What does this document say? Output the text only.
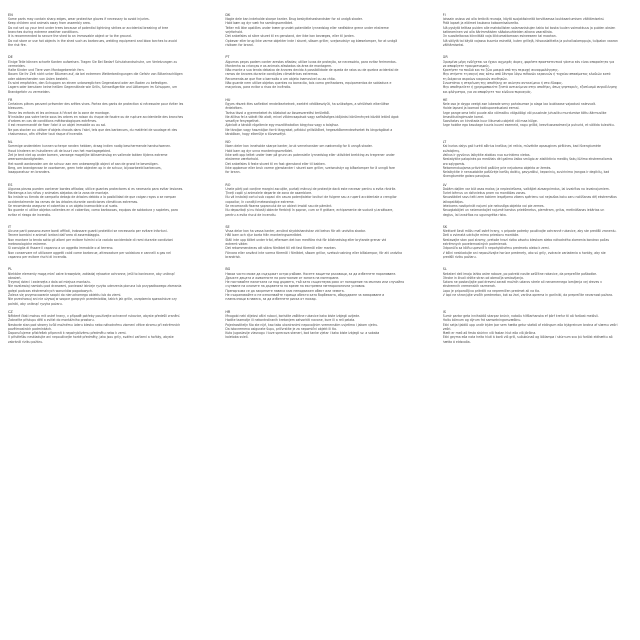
EN
Some parts may contain sharp edges, wear protective gloves if necessary to avoid injuries.
Keep children and animals away from assembly area.
Do not set up your tent under trees because of potential lightning strikes or accidental breaking of tree
branches during extreme weather conditions.
It is recommended to secure the shed to an immovable object or to the ground.
Do not store or use hot objects in the shed such as barbecues, welding equipment and blow torches to avoid
the risk fire.
DE
Einige Teile können scharfe Kanten aufweisen. Tragen Sie Bei Bedarf Schutzhandschuhe, um Verletzungen zu
vermeiden.
Halte Kinder und Tiere vom Montagebereich fern.
Bauen Sie Ihr Zelt nicht unter Bäumen auf, da bei extremen Wetterbedingungen die Gefahr von Blitzeinschlägen
oder abbrechenden von Ästen besteht.
Es wird empfohlen, den Schuppen an einem unbeweglichen Gegenstand oder am Boden zu befestigen.
Lagern oder benutzen keine heißen Gegenstände wie Grills, Schweißgeräte und Lötlampen im Schuppen, um
Brandgefahr zu vermeiden.
FR
Certaines pièces peuvent présenter des arêtes vives. Portez des gants de protection si nécessaire pour éviter les
blessures.
Tenez les enfants et les animaux à l'écart de la zone de montage.
N'installez pas votre tente sous les arbres en raison du risque de foudre ou de rupture accidentelle des branches
d'arbres en cas de conditions météorologiques extrêmes.
Il est recommandé de fixer l'abri à un objet immobile ou au sol.
Ne pas stocker ou utiliser d'objets chauds dans l'abri, tels que des barbecues, du matériel de soudage et des
chalumeaux, afin d'éviter tout risque d'incendie.
NL
Sommige onderdelen kunnen scherpe randen hebben, draag indien nodig beschermende handschoenen.
Houd kinderen en huisdieren uit de buurt van het montagegebied.
Zet je tent niet op onder bomen, vanwege mogelijke blikseminslag en vallende takken tijdens extreme
weersomstandigheden.
Het wordt aanbevolen om de schuur aan een onbeweeglijk object of aan de grond te bevestigen.
Berg, om brandgevaar te voorkomen, geen hete objecten op in de schuur, bijvoorbeeld barbecues,
lasapparatuur en branders.
ES
Algunas piezas pueden contener bordes afilados; utilice guantes protectores si es necesario para evitar lesiones.
Mantenga a los niños y animales alejados de la zona de montaje.
No instale su tienda de campaña debajo de árboles debido a la posibilidad de que caigan rayos o se rompan
accidentalmente las ramas de los árboles durante condiciones climáticas extremas.
Se recomienda asegurar el cobertizo a un objeto inamovible o al suelo.
No guarde ni utilice objetos calientes en el cobertizo, como barbacoas, equipos de soldadura y sopletes, para
evitar el riesgo de incendio.
IT
Alcune parti possono avere bordi affilati, indossare guanti protettivi se necessario per evitare infortuni.
Tenere bambini e animali lontani dall'area di assemblaggio.
Non montare la tenda sotto gli alberi per evitare fulmini o la caduta accidentale di rami durante condizioni
meteorologiche estreme.
Si consiglia di fissare il capanno a un oggetto immobile o al terreno.
Non conservare né utilizzare oggetti caldi come barbecue, attrezzature per saldatura e cannelli a gas nel
capanno per evitare rischi di incendio.
PL
Niektóre elementy mogą mieć ostre krawędzie, zakładaj rękawice ochronne, jeśli to konieczne, aby uniknąć
obrażeń.
Trzymaj dzieci i zwierzęta z dala od miejsca montażu.
Nie rozstawiaj namiotu pod drzewami, ponieważ istnieje ryzyko uderzenia pioruna lub przypadkowego złamania
gałęzi podczas ekstremalnych warunków pogodowych.
Zaleca się przymocowanie szopki do nieruchomego obiektu lub do ziemi.
Nie przechowuj ani nie używaj w szopce gorących przedmiotów, takich jak grille, urządzenia spawalnicze czy
palniki, aby uniknąć ryzyka pożaru.
CZ
Některé části mohou mít ostré hrany, v případě potřeby používejte ochranné rukavice, abyste předešli zranění.
Zabraňte přístupu dětí a zvířat do montážního prostoru.
Nestavte stan pod stromy kvůli možnému úderu blesku nebo náhodnému zlomení větve stromu při extrémních
povětrnostních podmínkách.
Doporučujeme přístřešek připevnit k nepohyblivému předmětu nebo k zemi.
V přístřešku neskladujte ani nepoužívejte horké předměty, jako jsou grily, svářecí zařízení a hořáky, abyste
zabránili riziku požáru.
DK
Nogle dele kan indeholde skarpe kanter. Brug beskyttelseshandsker for at undgå skader.
Hold børn og dyr væk fra samlingsområdet.
Telter må ikke opstilles under træer grundet potentielle lynnedslag eller nedfaldne grene under ekstreme
vejrforhold.
Det anbefales at sikre skuret til en genstand, der ikke kan bevæges, eller til jorden.
Opbevar eller brug ikke varme objekter inde i skuret, såsom griller, svejseudstyr og blæselamper, for at undgå
risikoen for brand.
PT
Algumas peças podem conter arestas afiadas; utilize luvas de proteção, se necessário, para evitar ferimentos.
Mantenha as crianças e os animais afastados da área de montagem.
Não monte a sua tenda debaixo de árvores devido à possibilidade de queda de raios ou de quebra acidental de
ramos de árvores durante condições climatéricas extremas.
Recomenda-se que fixe o barracão a um objeto inamovível ou ao chão.
Não guarde nem utilize objetos quentes no barracão, tais como grelhadores, equipamentos de soldadura e
maçaricos, para evitar o risco de incêndio.
HU
Egyes részek éles szélekkel rendelkezhetnek, ezekért védőkesztyűt, ha szükséges, a sérülések elkerülése
érdekében.
Tartsa távol a gyermekeket és állatokat az összeszerelési területtől.
Ne állítsa fel a sátrát fák alatt, mivel villámcsapások vagy szélsőséges időjárási körülmények között letörő ágak
veszélye fenyegethet.
Ajánlott a tárolót rögzítenie egy mozdíthatatlan tárgyhoz vagy a talajhoz.
Ne tároljon vagy használjon forró tárgyakat, például grillsütőket, hegesztőberendezéseket és lángvágókat a
tárolóban, hogy elkerülje a tűzveszélyt.
NO
Noen deler kan inneholde skarpe kanter, bruk vernehansker om nødvendig for å unngå skader.
Hold barn og dyr unna monteringsområdet.
Ikke sett opp teltet under trær på grunn av potensielle lynnedslag eller utilsiktet brekking av tregrener under
ekstreme værforhold.
Det anbefales å feste skuret til en fast gjenstand eller til bakken.
Ikke oppbevar eller bruk varme gjenstander i skuret som griller, sveiseutstyr og blåselamper for å unngå fare
for brann.
RO
Unele părți pot conține margini ascuțite, purtați mănuși de protecție dacă este necesar pentru a evita rănirile.
Țineți copiii și animalele departe de zona de asamblare.
Nu vă instalați cortul sub copaci din cauza potențialelor lovituri de fulgere sau a ruperii accidentale a crengilor
copacilor, în condiții meteorologice extreme.
Se recomandă fixarea șopronului de un obiect imobil sau de pământ.
Nu depozitați și nu folosiți obiecte fierbinți în șopron, cum ar fi grătare, echipamente de sudură și arzătoare,
pentru a evita riscul de incendiu.
SE
Vissa delar kan ha vassa kanter, använd skyddshandskar vid behov för att undvika skador.
Håll barn och djur borta från monteringsområdet.
Ställ inte upp tältet under träd, eftersom det kan medföra risk för blixtnedslag eller brytande grenar vid
extremt väder.
Det rekommenderas att säkra förrådet till ett fast föremål eller marken.
Förvara eller använd inte varma föremål i förrådet, såsom grillar, svetsutrustning eller blåslampor, för att undvika
brandrisk.
BG
Някои части може да съдържат остри ръбове. Носете защитни ръкавици, за да избегнете нараняване.
Дръжте децата и животните на разстояние от зоната на монтиране.
Не поставяйте палатката си под дървета, тъй като съществува риск от попадение на мълния или случайно
счупване на клоните на дърветата по време на екстремни метеорологични условия.
Препоръчва се да закрепите навеса към неподвижен обект или земята.
Не съхранявайте и не използвайте горещи обекти като барбекюта, оборудване за заваряване и
пламъчници в навеса, за да избегнете риска от пожар.
HR
Mnogobi neki dijelovi oštri rubovi, koristite zaštitne rukavice kako biste izbjegli ozljede.
Hodite tazmotje ili nekontroliranih kretanjem zatvorkiti navone, kure ili a reli pelata.
Pojednostiteljn što ste nijé, kao tako ukoniranimi nepovoljnim vremenskim uvjetima i jakom vjetru.
Da istovremeno osigurate šupu, pričvrstite je za nepomični objekt ili tlo.
Kuto Jugoslavije vlasnogu i tuve sprecava skeneri, kod tanke vjetar i kako biste izbjegli sv. a sobaka
koletoba svieli.
FI
Joissain osissa voi olla teräviä reunoja, käytä suojakäsineitä tarvittaessa loukkaantumisen välttämiseksi.
Pidä lapset ja eläimet kaukana kokoamisalueelta.
Älä pystytä telttaa puiden alle mahdollisten salamaniskujen takia tai koska tuulen voimakkuus ja puiden oksien
katkeaminen voi olla äärimmäisten sääolosuhteiden aikana vaarallista.
On suositeltavaa kiinnittää vaja liikkumattomaan esineeseen tai maahan.
Älä säilytä tai käytä vajassa kuumia esineitä, kuten grillejä, hitsauslaitteita ja puhalluslamppuja, tulipalon vaaran
välttämiseksi.
GR
Ορισμένα μέρη ενδέχεται να έχουν αιχμηρές άκρες, φορέστε προστατευτικά γάντια εάν είναι απαραίτητο για
να αποφύγετε τραυματισμούς.
Κρατήστε τα παιδιά και τα ζώα μακριά από την περιοχή συναρμολόγησης.
Μην στήνετε τη σκηνή σας κάτω από δέντρα λόγω πιθανών κεραυνών ή τυχαίου σπασίματος κλαδιών κατά
τη διάρκεια ακραίων καιρικών συνθηκών.
Συνιστάται η στερέωση της αποθήκης σε ακίνητο αντικείμενο ή στο έδαφος.
Μην αποθηκεύετε ή χρησιμοποιείτε ζεστά αντικείμενα στην αποθήκη, όπως ψησταριές, εξοπλισμό συγκόλλησης
και φλόγιστρα, για να αποφύγετε τον κίνδυνο πυρκαγιάς.
HE
Nele osa je dzyga veelgt ase lubeade servy pahdaumse ja alaga laa loukkaase vajaatust nalevvalt.
Hoide lapsed ja loomad kokkupanekualast eemal.
Ärge pange oma telki puude alla võimaliku välgulöögi või puuokste juhusliku murdumise tõttu äärmuslike
ilmastikutingimuste korral.
Soovitatav on kinnitada kuur liikumatu objekti või maa külge.
Ärge hoidke ega kasutage kuuris kuumi esemeid, nagu grillid, keevitusseadmed ja puhurid, et vältida tuleohtu.
LT
Kai kurios dalys gali turėti aštrius kraštus; jei reikia, mūvėkite apsaugines pirštines, kad išvengtumėte
sužalojimų.
Vaikus ir gyvūnus laikykite atokiau nuo surinkimo vietos.
Nestatykite palapinės po medžiais dėl galimo žaibo smūgio ar atsitiktinio medžių šakų lūžimo ekstremaliomis
oro sąlygomis.
Rekomenduojama pritvirtinti pašiūrę prie nejudamo objekto ar žemės.
Nelaikykite ir nenaudokite pašiūrėje karštų daiktų, pavyzdžiui, kepsninių, suvirinimo įrangos ir degiklių, kad
išvengtumėte gaisro pavojaus.
LV
Dažām daļām var būt asas malas; ja nepieciešams, valkājiet aizsargcimdus, lai izvairītos no ievainojumiem.
Turiet bērnus un dzīvniekus prom no montāžas zonas.
Neuzstādiet savu telti zem kokiem iespējamo zibens spērienu vai nejaušas koku zaru nolūšanas dēļ ekstremālos
laikapstākļos.
Ieteicams nostiprināt nojumi pie nekustīga objekta vai pie zemes.
Neuzglabājiet un neizmantojiet nojumē karstus priekšmetus, piemēram, grilus, metināšanas iekārtas un
degļus, lai izvairītos no ugunsgrēka riska.
SK
Niektoré časti môžu mať ostré hrany, v prípade potreby používajte ochranné rukavice, aby ste predišli zraneniu.
Deti a zvieratá udržujte mimo priestoru montáže.
Nestavajte stan pod stromy, pretože hrozí riziko zásahu bleskom alebo náhodného zlomenia konárov počas
extrémnych poveternostných podmienok.
Odporúča sa kôlňu upevniť k nepohyblivému predmetu alebo k zemi.
V kôlni neskladujte ani nepoužívajte horúce predmety, ako sú grily, zváracie zariadenia a horáky, aby ste
predišli riziku požiaru.
SL
Nekateri deli imajo lahko ostre robove, po potrebi nosite zaščitne rokavice, da preprečite poškodbe.
Otroke in živali držite stran od območja sestavljanja.
Šotora ne postavljajte pod drevesi zaradi možnih udarov strele ali nenamernega lomljenja vej dreves v
ekstremnih vremenskih razmerah.
Lopo je priporočljivo pritrditi na nepremičen predmet ali na tla.
V lopi ne shranjujte vročih predmetov, kot so žari, varilna oprema in gorilniki, da preprečite nevarnost požara.
IS
Sumir partar geta innihaldið skarpar brúnir, notaðu hlífðarhanska ef þörf krefur til að forðast meiðsli.
Haltu börnum og dýrum frá samsetningarsvæðinu.
Ekki setja tjaldið upp undir trjám þar sem hætta getur stafað af eldingum eða trjágreinum brotna af slæmu veðri
veðri.
Mælt er með að festa skúrinn við fastan hlut eða við jörðina.
Ekki geyma eða nota heita hluti á borð við grill, suðubúnað og lóðlampa í skúrnum svo þú forðist eldhættu að
hætta á eldsvoða.
